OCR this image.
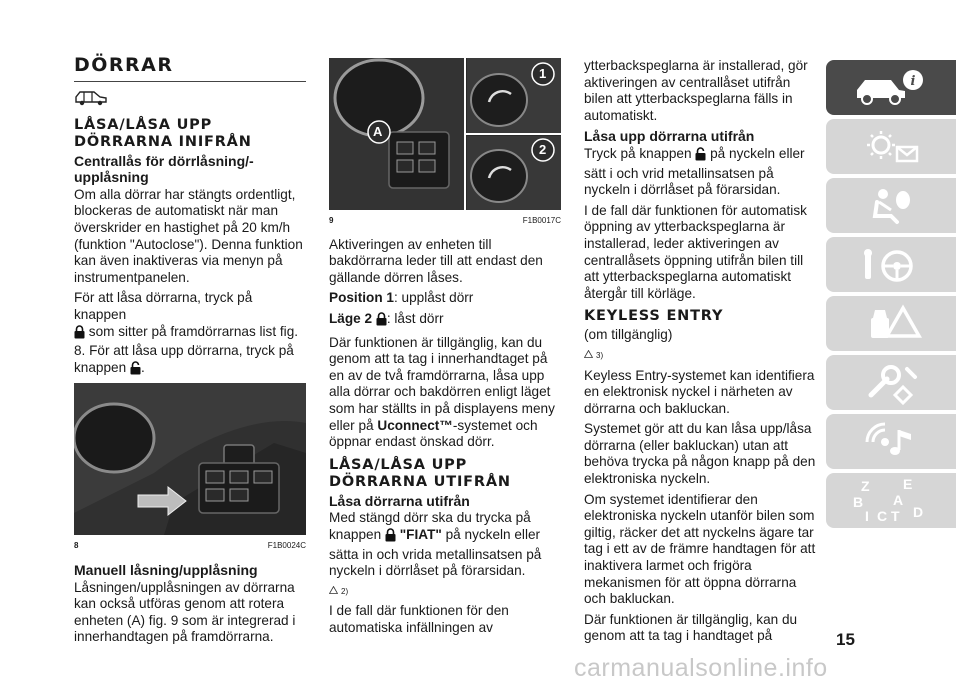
DÖRRAR
LÅSA/LÅSA UPP DÖRRARNA INIFRÅN
Centrallås för dörrlåsning/-upplåsning

Om alla dörrar har stängts ordentligt, blockeras de automatiskt när man överskrider en hastighet på 20 km/h (funktion "Autoclose"). Denna funktion kan även inaktiveras via menyn på instrumentpanelen.

För att låsa dörrarna, tryck på knappen
som sitter på framdörrarnas list fig. 8. För att låsa upp dörrarna, tryck på knappen .

8	F1B0024C
Manuell låsning/upplåsning

Låsningen/upplåsningen av dörrarna kan också utföras genom att rotera enheten (A) fig. 9 som är integrerad i innerhandtagen på framdörrarna.

A
1
2
9	F1B0017C

Aktiveringen av enheten till bakdörrarna leder till att endast den gällande dörren låses.

Position 1: upplåst dörr

Läge 2 : låst dörr

Där funktionen är tillgänglig, kan du genom att ta tag i innerhandtaget på en av de två framdörrarna, låsa upp alla dörrar och bakdörren enligt läget som har ställts in på displayens meny eller på Uconnect™-systemet och öppnar endast önskad dörr.

LÅSA/LÅSA UPP DÖRRARNA UTIFRÅN
Låsa dörrarna utifrån

Med stängd dörr ska du trycka på knappen "FIAT" på nyckeln eller sätta in och vrida metallinsatsen på nyckeln i dörrlåset på förarsidan.

2)

I de fall där funktionen för den automatiska infällningen av

ytterbackspeglarna är installerad, gör aktiveringen av centrallåset utifrån bilen att ytterbackspeglarna fälls in automatiskt.

Låsa upp dörrarna utifrån

Tryck på knappen på nyckeln eller sätt i och vrid metallinsatsen på nyckeln i dörrlåset på förarsidan.

I de fall där funktionen för automatisk öppning av ytterbackspeglarna är installerad, leder aktiveringen av centrallåsets öppning utifrån bilen till att ytterbackspeglarna automatiskt återgår till körläge.

KEYLESS ENTRY

(om tillgänglig)

3)

Keyless Entry-systemet kan identifiera en elektronisk nyckel i närheten av dörrarna och bakluckan.

Systemet gör att du kan låsa upp/låsa dörrarna (eller bakluckan) utan att behöva trycka på någon knapp på den elektroniska nyckeln.

Om systemet identifierar den elektroniska nyckeln utanför bilen som giltig, räcker det att nyckelns ägare tar tag i ett av de främre handtagen för att inaktivera larmet och frigöra mekanismen för att öppna dörrarna och bakluckan.

Där funktionen är tillgänglig, kan du genom att ta tag i handtaget på

i
Z E
A
B
I C T D
15
carmanualsonline.info
